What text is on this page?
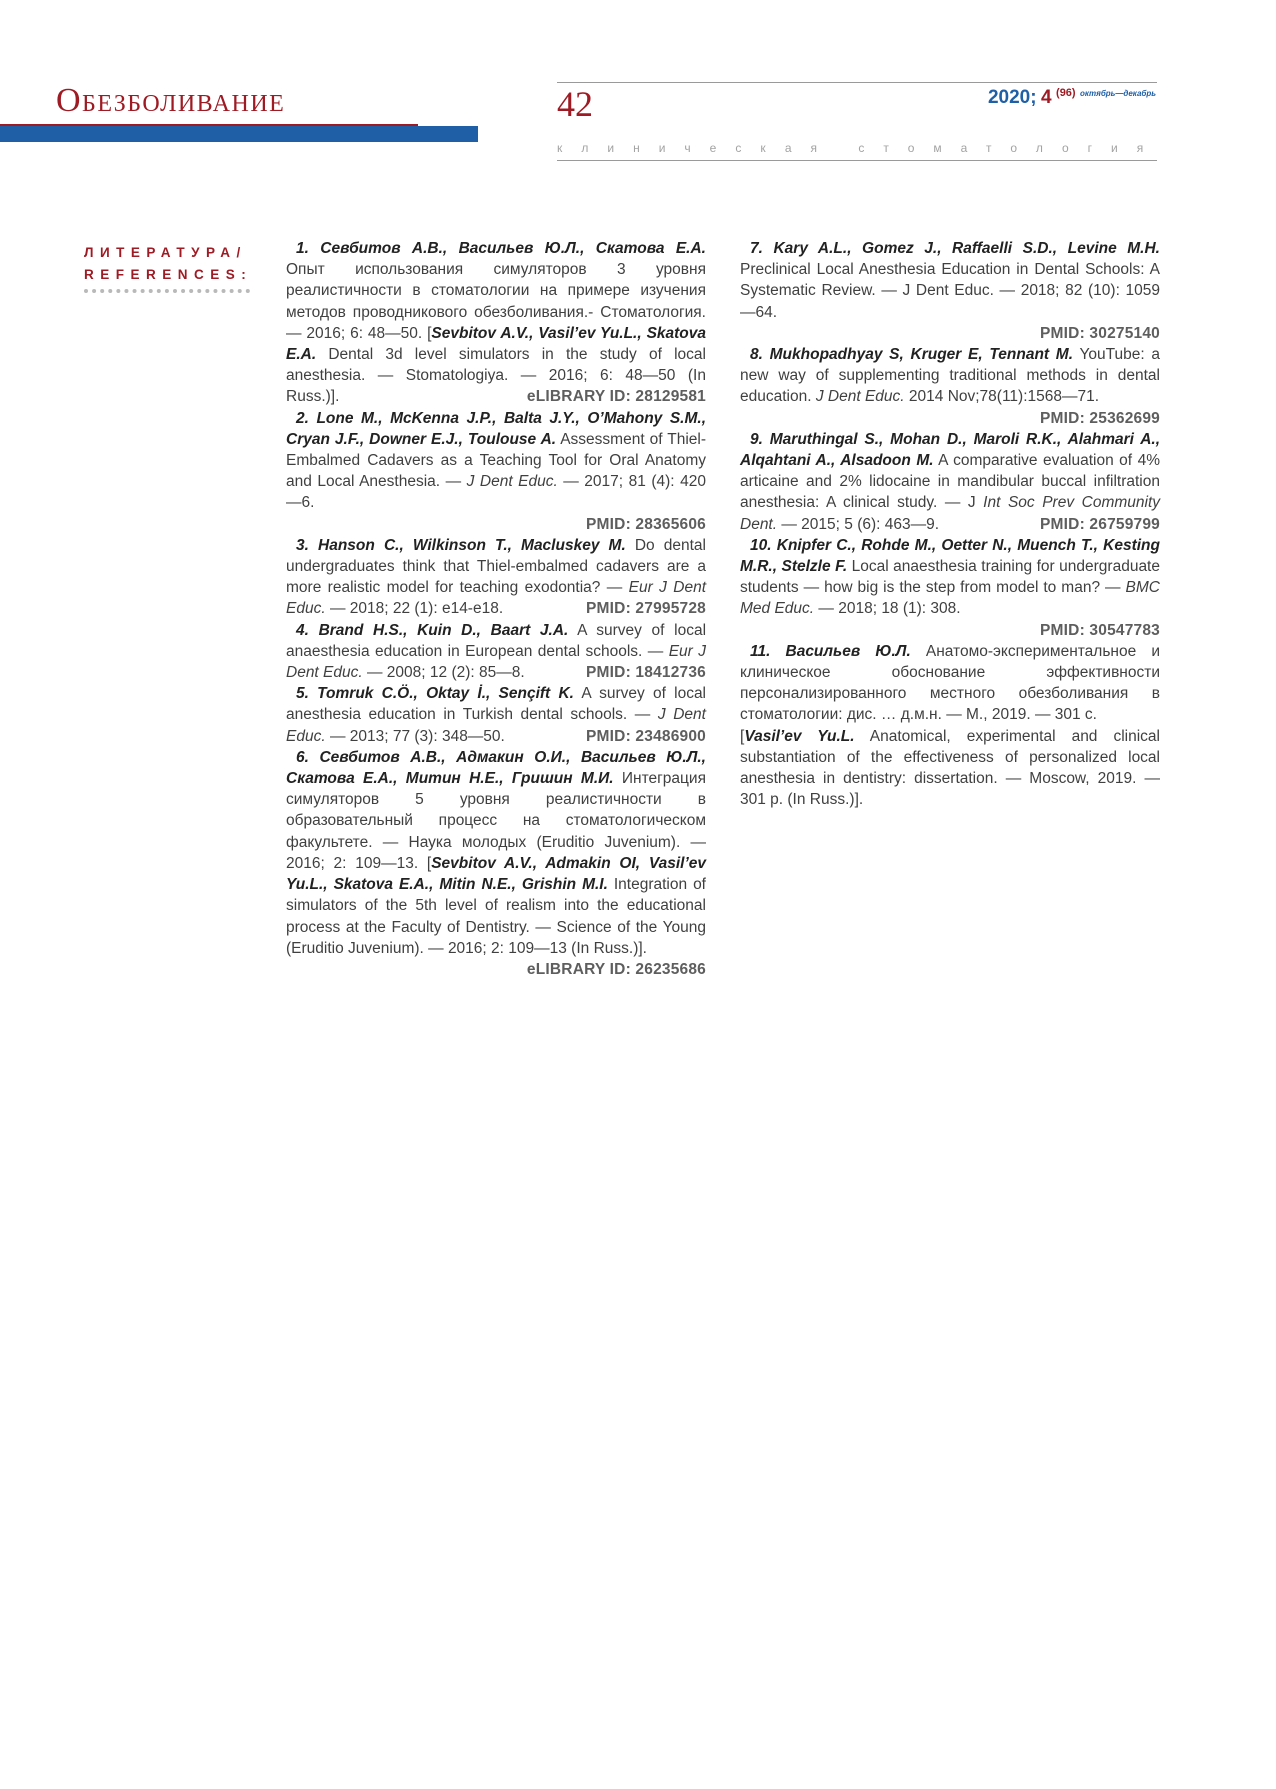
Обезболивание	42	2020; 4 $^{(96)}$ $^{октябрь—декабрь}$
клиническая стоматология
ЛИТЕРАТУРА/
REFERENCES:

1. Севбитов А.В., Васильев Ю.Л., Скатова Е.А. Опыт использования симуляторов 3 уровня реалистичности в стоматологии на примере изучения методов проводникового обезболивания.- Стоматология. — 2016; 6: 48—50. [Sevbitov A.V., Vasil’ev Yu.L., Skatova E.A. Dental 3d level simulators in the study of local anesthesia. — Stomatologiya. — 2016; 6: 48—50 (In Russ.)].	eLIBRARY ID: 28129581

2. Lone M., McKenna J.P., Balta J.Y., O’Mahony S.M., Cryan J.F., Downer E.J., Toulouse A. Assessment of Thiel-Embalmed Cadavers as a Teaching Tool for Oral Anatomy and Local Anesthesia. — J Dent Educ. — 2017; 81 (4): 420—6.
PMID: 28365606

3. Hanson C., Wilkinson T., Macluskey M. Do dental undergraduates think that Thiel-embalmed cadavers are a more realistic model for teaching exodontia? — Eur J Dent Educ. — 2018; 22 (1): e14-e18.	PMID: 27995728

4. Brand H.S., Kuin D., Baart J.A. A survey of local anaesthesia education in European dental schools. — Eur J Dent Educ. — 2008; 12 (2): 85—8.	PMID: 18412736

5. Tomruk C.Ö., Oktay İ., Sençift K. A survey of local anesthesia education in Turkish dental schools. — J Dent Educ. — 2013; 77 (3): 348—50.	PMID: 23486900

6. Севбитов А.В., Адмакин О.И., Васильев Ю.Л., Скатова Е.А., Митин Н.Е., Гришин М.И. Интеграция симуляторов 5 уровня реалистичности в образовательный процесс на стоматологическом факультете. — Наука молодых (Eruditio Juvenium). — 2016; 2: 109—13. [Sevbitov A.V., Admakin OI, Vasil’ev Yu.L., Skatova E.A., Mitin N.E., Grishin M.I. Integration of simulators of the 5th level of realism into the educational process at the Faculty of Dentistry. — Science of the Young (Eruditio Juvenium). — 2016; 2: 109—13 (In Russ.)].
eLIBRARY ID: 26235686

7. Kary A.L., Gomez J., Raffaelli S.D., Levine M.H. Preclinical Local Anesthesia Education in Dental Schools: A Systematic Review. — J Dent Educ. — 2018; 82 (10): 1059—64.
PMID: 30275140

8. Mukhopadhyay S, Kruger E, Tennant M. YouTube: a new way of supplementing traditional methods in dental education. J Dent Educ. 2014 Nov;78(11):1568—71.
PMID: 25362699

9. Maruthingal S., Mohan D., Maroli R.K., Alahmari A., Alqahtani A., Alsadoon M. A comparative evaluation of 4% articaine and 2% lidocaine in mandibular buccal infiltration anesthesia: A clinical study. — J Int Soc Prev Community Dent. — 2015; 5 (6): 463—9.	PMID: 26759799

10. Knipfer C., Rohde M., Oetter N., Muench T., Kesting M.R., Stelzle F. Local anaesthesia training for undergraduate students — how big is the step from model to man? — BMC Med Educ. — 2018; 18 (1): 308.
PMID: 30547783

11. Васильев Ю.Л. Анатомо-экспериментальное и клиническое обоснование эффективности персонализированного местного обезболивания в стоматологии: дис. … д.м.н. — М., 2019. — 301 с.

[Vasil’ev Yu.L. Anatomical, experimental and clinical substantiation of the effectiveness of personalized local anesthesia in dentistry: dissertation. — Moscow, 2019. — 301 p. (In Russ.)].
